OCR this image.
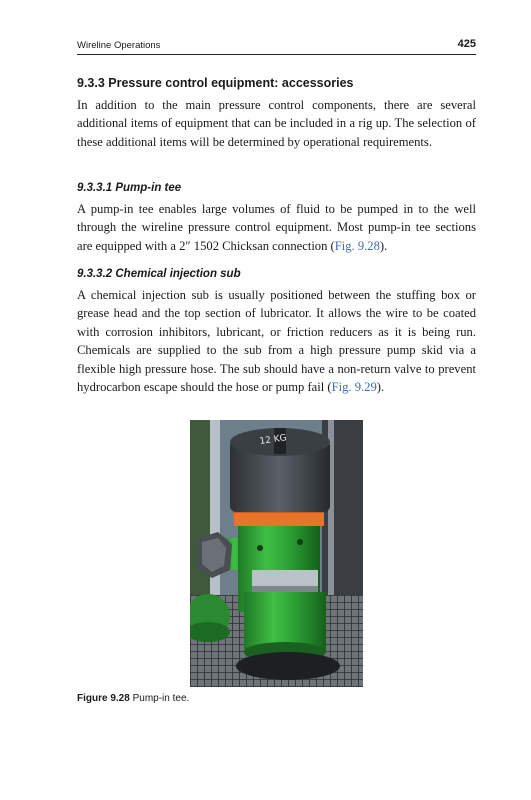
Wireline Operations	425
9.3.3 Pressure control equipment: accessories

In addition to the main pressure control components, there are several additional items of equipment that can be included in a rig up. The selection of these additional items will be determined by operational requirements.

9.3.3.1 Pump-in tee

A pump-in tee enables large volumes of fluid to be pumped in to the well through the wireline pressure control equipment. Most pump-in tee sections are equipped with a 2″ 1502 Chicksan connection (Fig. 9.28).

9.3.3.2 Chemical injection sub

A chemical injection sub is usually positioned between the stuffing box or grease head and the top section of lubricator. It allows the wire to be coated with corrosion inhibitors, lubricant, or friction reducers as it is being run. Chemicals are supplied to the sub from a high pressure pump skid via a flexible high pressure hose. The sub should have a non-return valve to prevent hydrocarbon escape should the hose or pump fail (Fig. 9.29).

12 KG

Figure 9.28 Pump-in tee.
